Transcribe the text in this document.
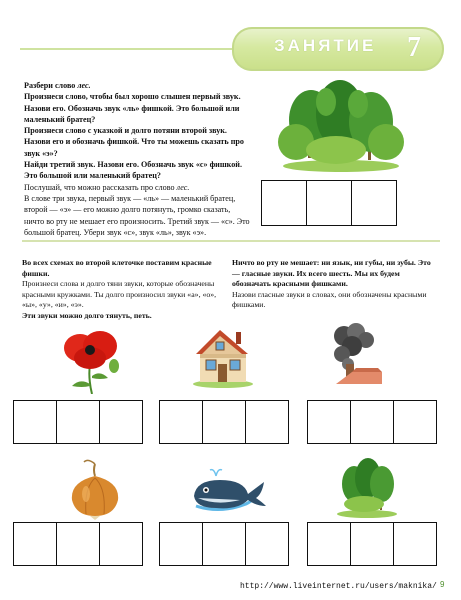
ЗАНЯТИЕ	7

Разбери слово лес.

Произнеси слово, чтобы был хорошо слышен первый звук. Назови его. Обозначь звук «ль» фишкой. Это большой или маленький братец?

Произнеси слово с указкой и долго потяни второй звук. Назови его и обозначь фишкой. Что ты можешь сказать про звук «э»?

Найди третий звук. Назови его. Обозначь звук «с» фишкой. Это большой или маленький братец?

Послушай, что можно рассказать про слово лес.

В слове три звука, первый звук — «ль» — маленький братец, второй — «э» — его можно долго потянуть, громко сказать, ничто во рту не мешает его произносить. Третий звук — «с». Это большой братец. Убери звук «с», звук «ль», звук «э».

Во всех схемах во второй клеточке поставим красные фишки.

Произнеси слова и долго тяни звуки, которые обозначены красными кружками. Ты долго произносил звуки «а», «о», «ы», «у», «и», «э».

Эти звуки можно долго тянуть, петь.

Ничто во рту не мешает: ни язык, ни губы, ни зубы. Это — гласные звуки. Их всего шесть. Мы их будем обозначать красными фишками.

Назови гласные звуки в словах, они обозначены красными фишками.

http://www.liveinternet.ru/users/maknika/ 9
